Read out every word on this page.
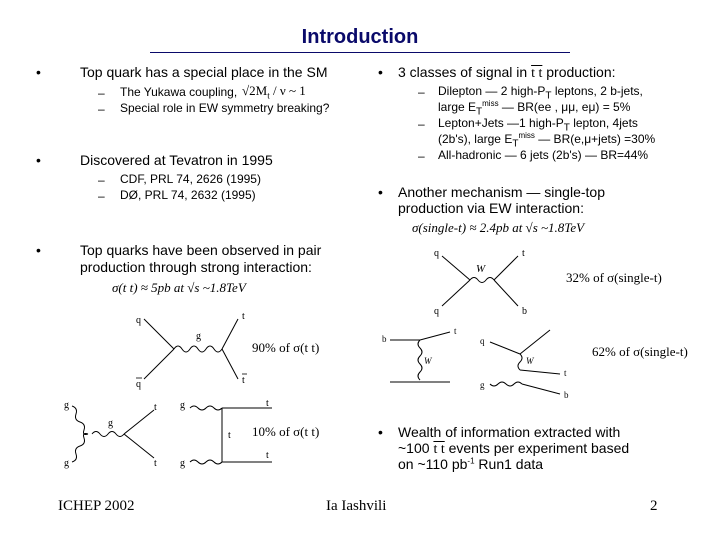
Introduction
•	Top quark has a special place in the SM
– The Yukawa coupling, $√2M_t$ / ν ~ 1
– Special role in EW symmetry breaking?
•	Discovered at Tevatron in 1995
– CDF, PRL 74, 2626 (1995)
– DØ, PRL 74, 2632 (1995)
•	Top quarks have been observed in pair
production through strong interaction:
σ(t t) ≈ 5pb at √s ~1.8TeV
q
q
g
t
t
90% of σ(t t)
g
g
g
t
t
g
g
t
t
t
10% of σ(t t)
• 3 classes of signal in t t production:
– Dilepton — 2 high-$P_T$ leptons, 2 b-jets,
large $E_T^{miss}$ — BR(ee , μμ, eμ) = 5%
– Lepton+Jets —1 high-$P_T$ lepton, 4jets
(2b's), large $E_T^{miss}$ — BR(e,μ+jets) =30%
– All-hadronic — 6 jets (2b's) — BR=44%
• Another mechanism — single-top
production via EW interaction:
σ(single-t) ≈ 2.4pb at √s ~1.8TeV
q
q
W
t
b
32% of σ(single-t)
b
W
t
q
W
g
t
b
62% of σ(single-t)
• Wealth of information extracted with
~100 t t events per experiment based
on ~110 $pb^{-1}$ Run1 data
ICHEP 2002	Ia Iashvili	2
